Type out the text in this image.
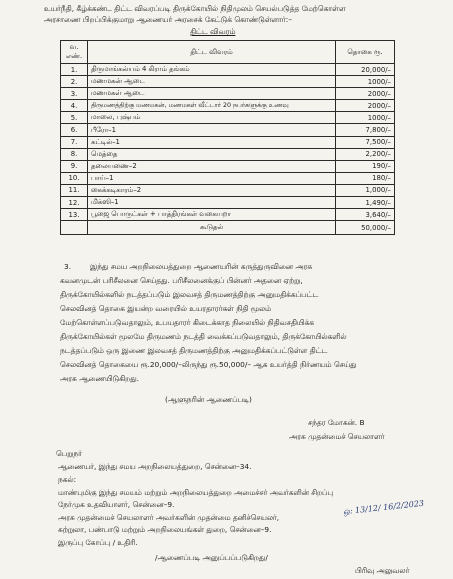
உயர்நீதி, கீழ்க்கண்ட திட்ட விவரப்படி திருக்கோயில் நிதிமுலம் செயல்படுத்த மேற்கொள்ள
அரசாணை பிறப்பிக்குமாறு ஆணையர் அரசைக் கேட்டுக் கொண்டுள்ளார்:–
திட்ட விவரம்
வ. எண்.	திட்ட விவரம்	தொகை ரூ.
1.	திருமாங்கல்யம் 4 கிராம் தங்கம்	20,000/–
2.	மணமகன் ஆடை	1000/–
3.	மணமகள் ஆடை	2000/–
4.	திருமணத்திற்கு மணமகன், மணமகள் வீட்டார் 20 நபர்களுக்கு உணவு	2000/–
5.	மாலை, புஷ்பம்	1000/–
6.	பீரோ–1	7,800/–
7.	கட்டில்–1	7,500/–
8.	மெத்தை	2,200/–
9.	தலையணை–2	190/–
10.	பாய்–1	180/–
11.	கைக்கடிகாரம்–2	1,000/–
12.	மிக்ஸி–1	1,490/–
13.	பூஜை பொருட்கள் + பாத்திரங்கள் வகையறா	3,640/–
	கூடுதல்	50,000/–
3.	இந்து சமய அறநிலையத்துறை ஆணையரின் கருத்துருவினை அரசு
கவனமுடன் பரிசீலனை செய்தது. பரிசீலனைக்குப் பின்னர் அதனை ஏற்று,
திருக்கோயில்களில் நடத்தப்படும் இலவசத் திருமணத்திற்கு அனுமதிக்கப்பட்ட
செலவினத் தொகை இயன்ற வரையில் உயரதாரர்கள் நிதி மூலம்
மேற்கொள்ளப்படுவதாலும், உபயதாரர் கிடைக்காத நிலையில் நிதிவசதியிக்க
திருக்கோயில்கள் மூலமே திருமணம் நடத்தி வைக்கப்படுவதாலும், திருக்கோயில்களில்
நடத்தப்படும் ஒரு இணை இலவசத் திருமணத்திற்கு அனுமதிக்கப்பட்டுள்ள திட்ட
செலவினத் தொகையை ரூ.20,000/–லிருந்து ரூ.50,000/– ஆக உயர்த்தி நிர்ணயம் செய்து
அரசு ஆணையிடுகிறது.
(ஆளுநரின் ஆணைப்படி)
சந்தர மோகன். B
அரசு முதன்மைச் செயலாளர்
பெறுநர்
ஆணையர், இந்து சமய அறநிலையத்துறை, சென்னை–34.
நகல்:
மாண்புமிகு இந்து சமயம் மற்றும் அறநிலையத்துறை அமைச்சர் அவர்களின் சிறப்பு
நேர்முக உதவியாளர், சென்னை–9.
அரசு முதன்மைச் செயலாளர் அவர்களின் முதன்மை தனிச்செயலர்,
சுற்றுலா, பண்பாடு மற்றும் அறநிலையங்கள் துறை, சென்னை–9.
இருப்பு கோப்பு / உதிரி.
/ஆணைப்படி அனுப்பப்படுகிறது/
ஒ: 13/12/ 16/2/2023
பிரிவு அலுவலர்
